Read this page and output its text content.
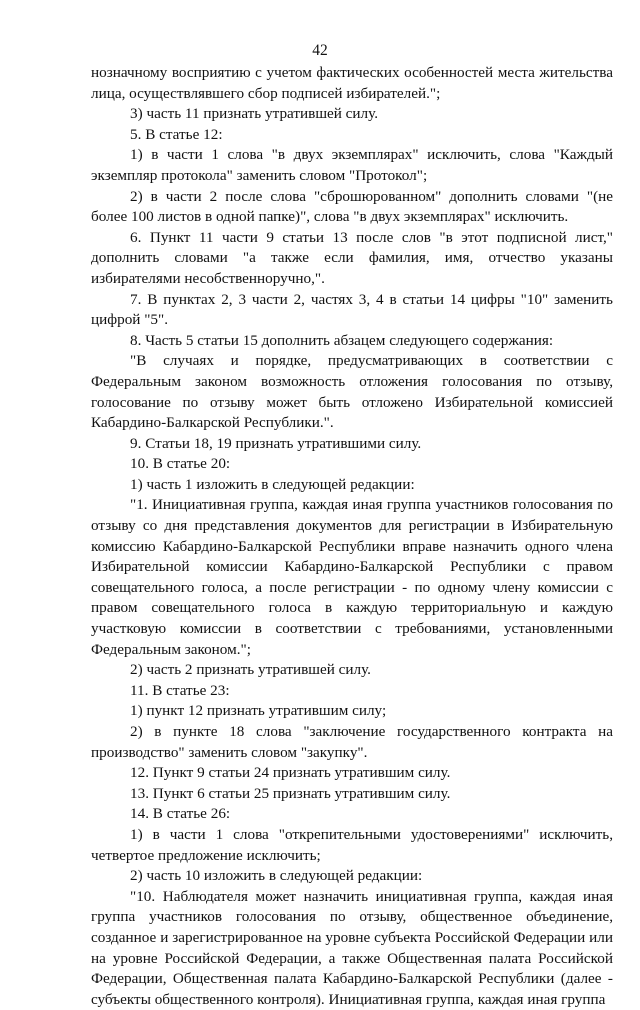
42

нозначному восприятию с учетом фактических особенностей места жительства лица, осуществлявшего сбор подписей избирателей.";

3) часть 11 признать утратившей силу.

5. В статье 12:

1) в части 1 слова "в двух экземплярах" исключить, слова "Каждый экземпляр протокола" заменить словом "Протокол";

2) в части 2 после слова "сброшюрованном" дополнить словами "(не более 100 листов в одной папке)", слова "в двух экземплярах" исключить.

6. Пункт 11 части 9 статьи 13 после слов "в этот подписной лист," дополнить словами "а также если фамилия, имя, отчество указаны избирателями несобственноручно,".

7. В пунктах 2, 3 части 2, частях 3, 4 в статьи 14 цифры "10" заменить цифрой "5".

8. Часть 5 статьи 15 дополнить абзацем следующего содержания:

"В случаях и порядке, предусматривающих в соответствии с Федеральным законом возможность отложения голосования по отзыву, голосование по отзыву может быть отложено Избирательной комиссией Кабардино-Балкарской Республики.".

9. Статьи 18, 19 признать утратившими силу.

10. В статье 20:

1) часть 1 изложить в следующей редакции:

"1. Инициативная группа, каждая иная группа участников голосования по отзыву со дня представления документов для регистрации в Избирательную комиссию Кабардино-Балкарской Республики вправе назначить одного члена Избирательной комиссии Кабардино-Балкарской Республики с правом совещательного голоса, а после регистрации - по одному члену комиссии с правом совещательного голоса в каждую территориальную и каждую участковую комиссии в соответствии с требованиями, установленными Федеральным законом.";

2) часть 2 признать утратившей силу.

11. В статье 23:

1) пункт 12 признать утратившим силу;

2) в пункте 18 слова "заключение государственного контракта на производство" заменить словом "закупку".

12. Пункт 9 статьи 24 признать утратившим силу.

13. Пункт 6 статьи 25 признать утратившим силу.

14. В статье 26:

1) в части 1 слова "открепительными удостоверениями" исключить, четвертое предложение исключить;

2) часть 10 изложить в следующей редакции:

"10. Наблюдателя может назначить инициативная группа, каждая иная группа участников голосования по отзыву, общественное объединение, созданное и зарегистрированное на уровне субъекта Российской Федерации или на уровне Российской Федерации, а также Общественная палата Российской Федерации, Общественная палата Кабардино-Балкарской Республики (далее - субъекты общественного контроля). Инициативная группа, каждая иная группа
